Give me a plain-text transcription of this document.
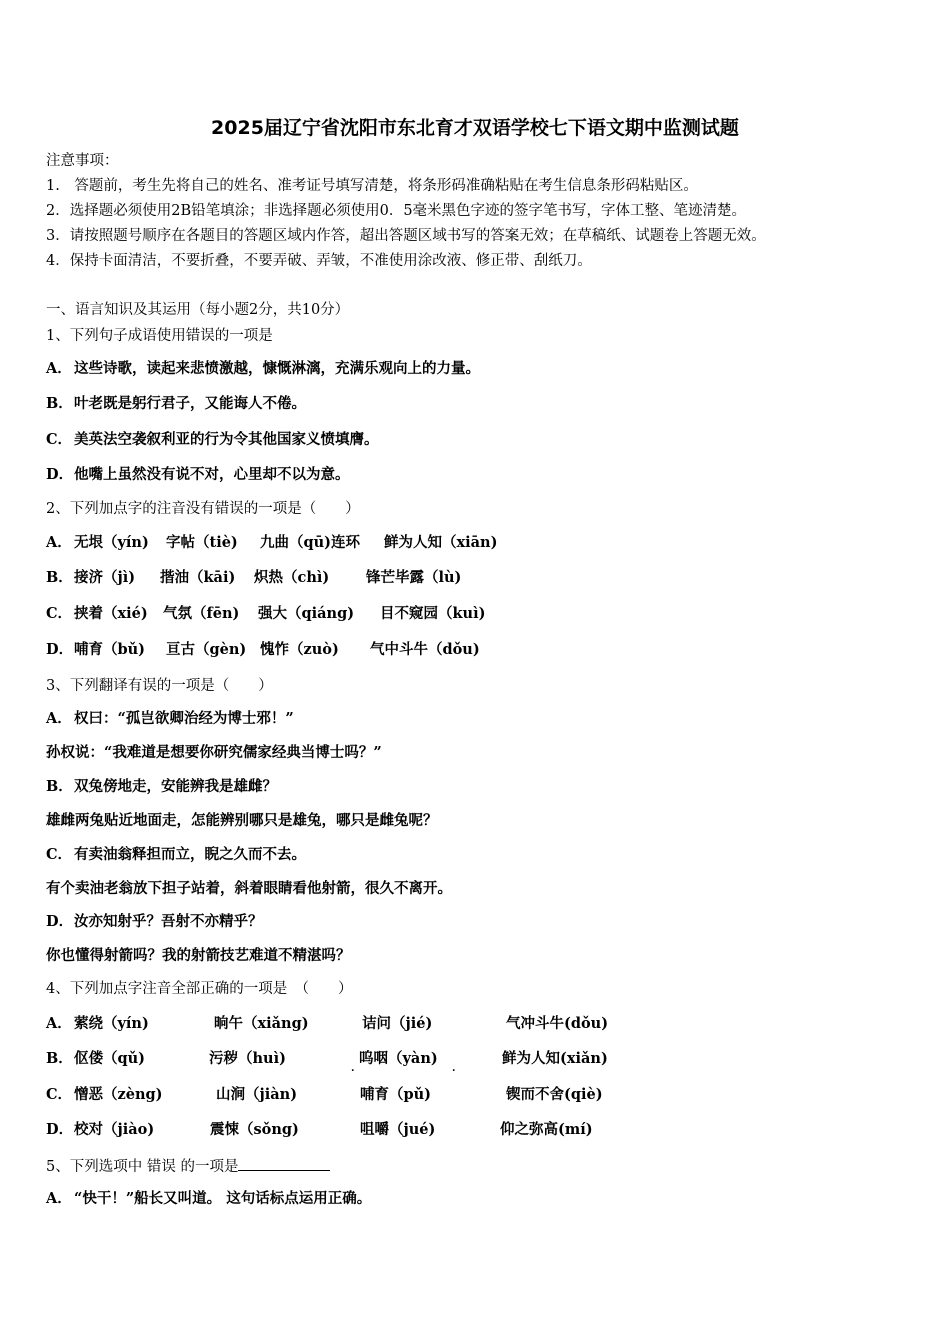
2025届辽宁省沈阳市东北育才双语学校七下语文期中监测试题
注意事项：
1.　答题前，考生先将自己的姓名、准考证号填写清楚，将条形码准确粘贴在考生信息条形码粘贴区。
2．选择题必须使用2B铅笔填涂；非选择题必须使用0．5毫米黑色字迹的签字笔书写，字体工整、笔迹清楚。
3．请按照题号顺序在各题目的答题区域内作答，超出答题区域书写的答案无效；在草稿纸、试题卷上答题无效。
4．保持卡面清洁，不要折叠，不要弄破、弄皱，不准使用涂改液、修正带、刮纸刀。
一、语言知识及其运用（每小题2分，共10分）
1、下列句子成语使用错误的一项是
A． 这些诗歌，读起来悲愤激越，慷慨淋漓，充满乐观向上的力量。
B． 叶老既是躬行君子，又能诲人不倦。
C． 美英法空袭叙利亚的行为令其他国家义愤填膺。
D． 他嘴上虽然没有说不对，心里却不以为意。
2、下列加点字的注音没有错误的一项是（　　）
A． 无垠（yín) 字帖（tiè) 九曲（qū)连环 鲜为人知（xiān)
B． 接济（jì) 揩油（kāi) 炽热（chì)	锋芒毕露（lù)
C． 挟着（xié) 气氛（fēn) 强大（qiáng) 目不窥园（kuì)
D． 哺育（bǔ) 亘古（gèn) 愧怍（zuò) 气中斗牛（dǒu)
3、下列翻译有误的一项是（　　）
A． 权曰：“孤岂欲卿治经为博士邪！”
孙权说：“我难道是想要你研究儒家经典当博士吗？”
B． 双兔傍地走，安能辨我是雄雌？
雄雌两兔贴近地面走，怎能辨别哪只是雄兔，哪只是雌兔呢？
C． 有卖油翁释担而立，睨之久而不去。
有个卖油老翁放下担子站着，斜着眼睛看他射箭，很久不离开。
D． 汝亦知射乎？吾射不亦精乎？
你也懂得射箭吗？我的射箭技艺难道不精湛吗？
4、下列加点字注音全部正确的一项是　（　　）
A． 萦绕（yín)	晌午（xiǎng)	诘问（jié)	气冲斗牛(dǒu)
B． 伛偻（qǔ)	污秽（huì)	呜咽（yàn)	鲜为人知(xiǎn)
.	.
C． 憎恶（zèng)	山涧（jiàn)	哺育（pǔ)	锲而不舍(qiè)
D． 校对（jiào)	震悚（sǒng)	咀嚼（jué)	仰之弥高(mí)
5、下列选项中 错误 的一项是
A． “快干！”船长又叫道。 这句话标点运用正确。
